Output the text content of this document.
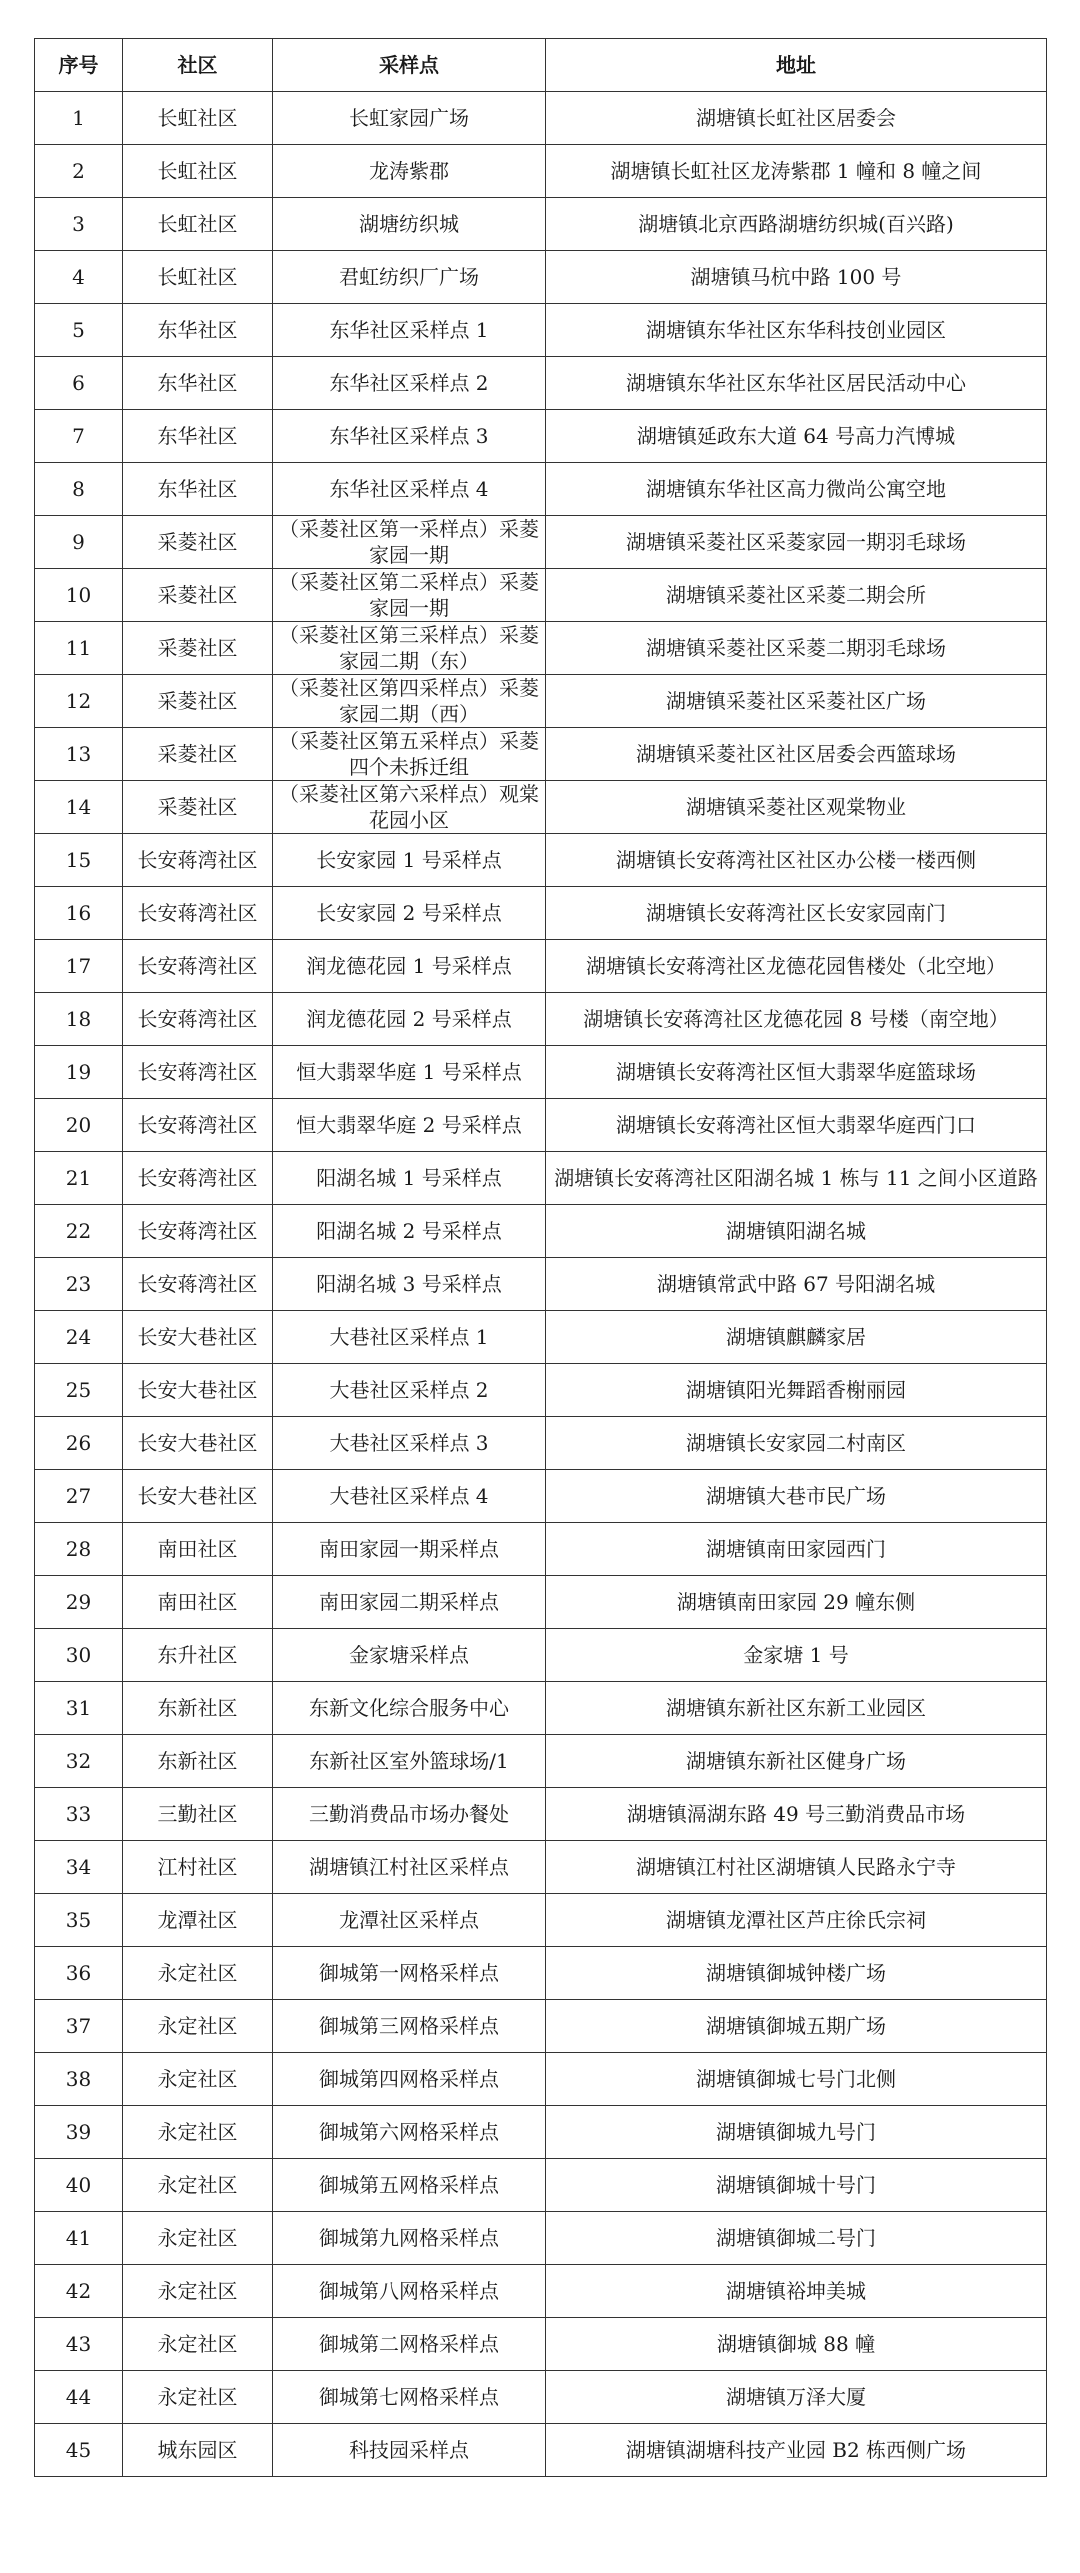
序号	社区	采样点	地址
1	长虹社区	长虹家园广场	湖塘镇长虹社区居委会
2	长虹社区	龙涛紫郡	湖塘镇长虹社区龙涛紫郡 1 幢和 8 幢之间
3	长虹社区	湖塘纺织城	湖塘镇北京西路湖塘纺织城(百兴路)
4	长虹社区	君虹纺织厂广场	湖塘镇马杭中路 100 号
5	东华社区	东华社区采样点 1	湖塘镇东华社区东华科技创业园区
6	东华社区	东华社区采样点 2	湖塘镇东华社区东华社区居民活动中心
7	东华社区	东华社区采样点 3	湖塘镇延政东大道 64 号高力汽博城
8	东华社区	东华社区采样点 4	湖塘镇东华社区高力微尚公寓空地
9	采菱社区	（采菱社区第一采样点）采菱家园一期	湖塘镇采菱社区采菱家园一期羽毛球场
10	采菱社区	（采菱社区第二采样点）采菱家园一期	湖塘镇采菱社区采菱二期会所
11	采菱社区	（采菱社区第三采样点）采菱家园二期（东）	湖塘镇采菱社区采菱二期羽毛球场
12	采菱社区	（采菱社区第四采样点）采菱家园二期（西）	湖塘镇采菱社区采菱社区广场
13	采菱社区	（采菱社区第五采样点）采菱四个未拆迁组	湖塘镇采菱社区社区居委会西篮球场
14	采菱社区	（采菱社区第六采样点）观棠花园小区	湖塘镇采菱社区观棠物业
15	长安蒋湾社区	长安家园 1 号采样点	湖塘镇长安蒋湾社区社区办公楼一楼西侧
16	长安蒋湾社区	长安家园 2 号采样点	湖塘镇长安蒋湾社区长安家园南门
17	长安蒋湾社区	润龙德花园 1 号采样点	湖塘镇长安蒋湾社区龙德花园售楼处（北空地）
18	长安蒋湾社区	润龙德花园 2 号采样点	湖塘镇长安蒋湾社区龙德花园 8 号楼（南空地）
19	长安蒋湾社区	恒大翡翠华庭 1 号采样点	湖塘镇长安蒋湾社区恒大翡翠华庭篮球场
20	长安蒋湾社区	恒大翡翠华庭 2 号采样点	湖塘镇长安蒋湾社区恒大翡翠华庭西门口
21	长安蒋湾社区	阳湖名城 1 号采样点	湖塘镇长安蒋湾社区阳湖名城 1 栋与 11 之间小区道路
22	长安蒋湾社区	阳湖名城 2 号采样点	湖塘镇阳湖名城
23	长安蒋湾社区	阳湖名城 3 号采样点	湖塘镇常武中路 67 号阳湖名城
24	长安大巷社区	大巷社区采样点 1	湖塘镇麒麟家居
25	长安大巷社区	大巷社区采样点 2	湖塘镇阳光舞蹈香榭丽园
26	长安大巷社区	大巷社区采样点 3	湖塘镇长安家园二村南区
27	长安大巷社区	大巷社区采样点 4	湖塘镇大巷市民广场
28	南田社区	南田家园一期采样点	湖塘镇南田家园西门
29	南田社区	南田家园二期采样点	湖塘镇南田家园 29 幢东侧
30	东升社区	金家塘采样点	金家塘 1 号
31	东新社区	东新文化综合服务中心	湖塘镇东新社区东新工业园区
32	东新社区	东新社区室外篮球场/1	湖塘镇东新社区健身广场
33	三勤社区	三勤消费品市场办餐处	湖塘镇滆湖东路 49 号三勤消费品市场
34	江村社区	湖塘镇江村社区采样点	湖塘镇江村社区湖塘镇人民路永宁寺
35	龙潭社区	龙潭社区采样点	湖塘镇龙潭社区芦庄徐氏宗祠
36	永定社区	御城第一网格采样点	湖塘镇御城钟楼广场
37	永定社区	御城第三网格采样点	湖塘镇御城五期广场
38	永定社区	御城第四网格采样点	湖塘镇御城七号门北侧
39	永定社区	御城第六网格采样点	湖塘镇御城九号门
40	永定社区	御城第五网格采样点	湖塘镇御城十号门
41	永定社区	御城第九网格采样点	湖塘镇御城二号门
42	永定社区	御城第八网格采样点	湖塘镇裕坤美城
43	永定社区	御城第二网格采样点	湖塘镇御城 88 幢
44	永定社区	御城第七网格采样点	湖塘镇万泽大厦
45	城东园区	科技园采样点	湖塘镇湖塘科技产业园 B2 栋西侧广场
